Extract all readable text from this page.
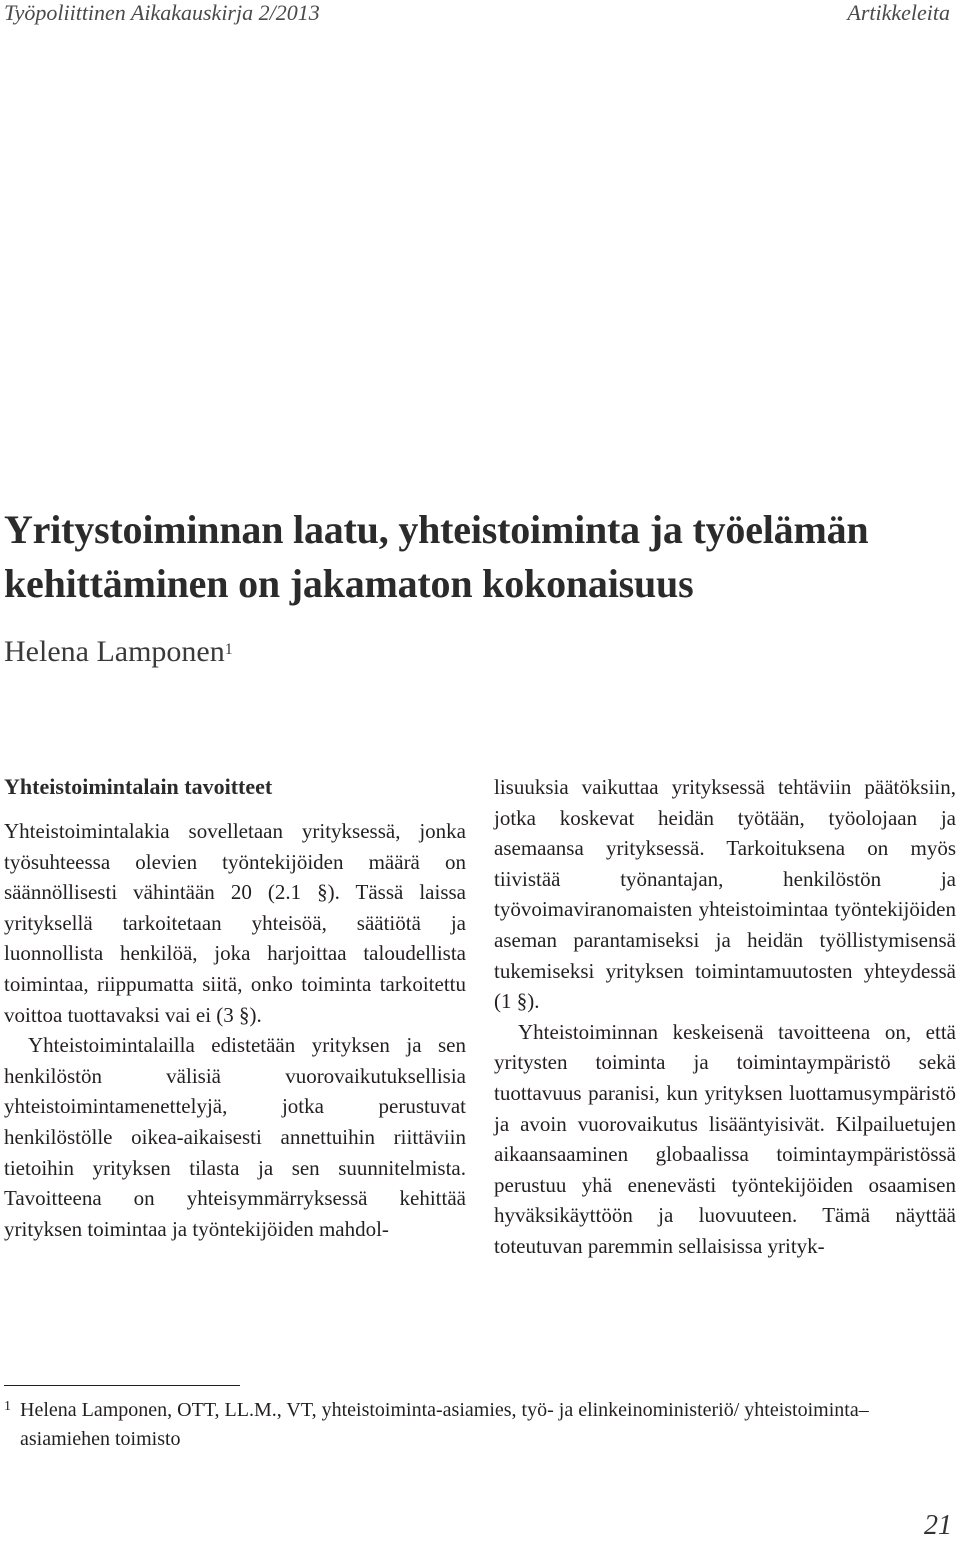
Työpoliittinen Aikakauskirja 2/2013	Artikkeleita
Yritystoiminnan laatu, yhteistoiminta ja työelämän kehittäminen on jakamaton kokonaisuus
Helena Lamponen$^1$
Yhteistoimintalain tavoitteet

Yhteistoimintalakia sovelletaan yrityksessä, jonka työsuhteessa olevien työntekijöiden määrä on säännöllisesti vähintään 20 (2.1 §). Tässä laissa yrityksellä tarkoitetaan yhteisöä, säätiötä ja luonnollista henkilöä, joka harjoittaa taloudellista toimintaa, riippumatta siitä, onko toiminta tarkoitettu voittoa tuottavaksi vai ei (3 §).

Yhteistoimintalailla edistetään yrityksen ja sen henkilöstön välisiä vuorovaikutuksellisia yhteistoimintamenettelyjä, jotka perustuvat henkilöstölle oikea-aikaisesti annettuihin riittäviin tietoihin yrityksen tilasta ja sen suunnitelmista. Tavoitteena on yhteisymmärryksessä kehittää yrityksen toimintaa ja työntekijöiden mahdol-

lisuuksia vaikuttaa yrityksessä tehtäviin päätöksiin, jotka koskevat heidän työtään, työolojaan ja asemaansa yrityksessä. Tarkoituksena on myös tiivistää työnantajan, henkilöstön ja työvoimaviranomaisten yhteistoimintaa työntekijöiden aseman parantamiseksi ja heidän työllistymisensä tukemiseksi yrityksen toimintamuutosten yhteydessä (1 §).

Yhteistoiminnan keskeisenä tavoitteena on, että yritysten toiminta ja toimintaympäristö sekä tuottavuus paranisi, kun yrityksen luottamusympäristö ja avoin vuorovaikutus lisääntyisivät. Kilpailuetujen aikaansaaminen globaalissa toimintaympäristössä perustuu yhä enenevästi työntekijöiden osaamisen hyväksikäyttöön ja luovuuteen. Tämä näyttää toteutuvan paremmin sellaisissa yrityk-

1 Helena Lamponen, OTT, LL.M., VT, yhteistoiminta-asiamies, työ- ja elinkeinoministeriö/ yhteistoiminta–asiamiehen toimisto
21
